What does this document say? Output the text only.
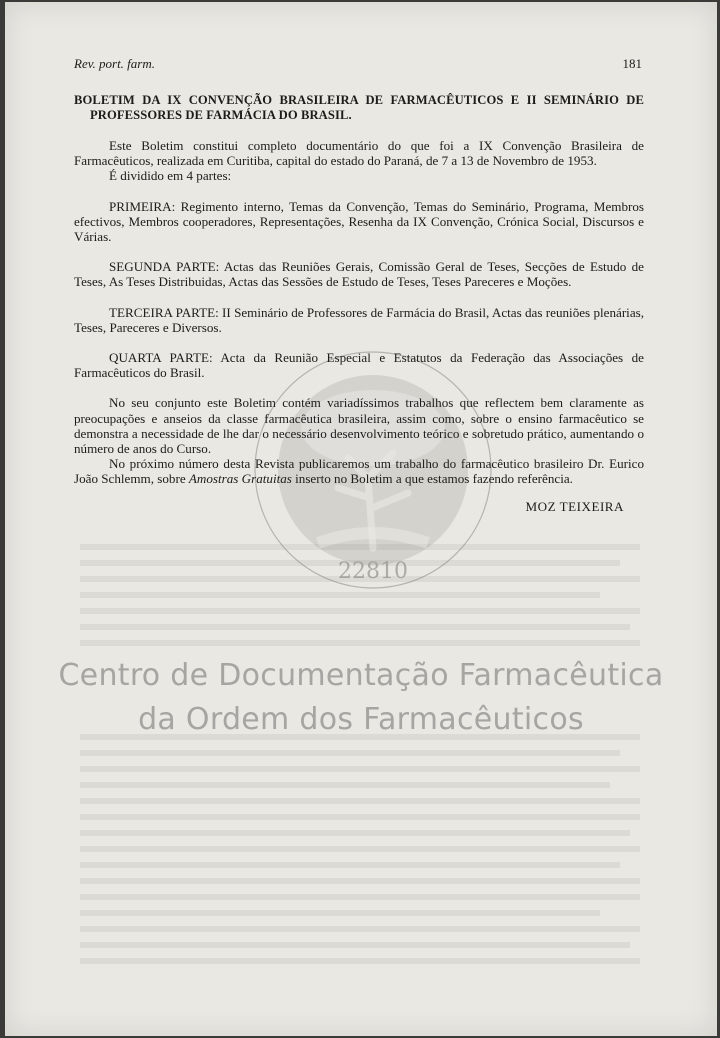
Rev. port. farm.	181
22810

BOLETIM DA IX CONVENÇÃO BRASILEIRA DE FARMACÊUTICOS E II SEMINÁRIO DE PROFESSORES DE FARMÁCIA DO BRASIL.

Este Boletim constitui completo documentário do que foi a IX Convenção Brasileira de Farmacêuticos, realizada em Curitiba, capital do estado do Paraná, de 7 a 13 de Novembro de 1953.

É dividido em 4 partes:

PRIMEIRA: Regimento interno, Temas da Convenção, Temas do Seminário, Programa, Membros efectivos, Membros cooperadores, Representações, Resenha da IX Convenção, Crónica Social, Discursos e Várias.

SEGUNDA PARTE: Actas das Reuniões Gerais, Comissão Geral de Teses, Secções de Estudo de Teses, As Teses Distribuidas, Actas das Sessões de Estudo de Teses, Teses Pareceres e Moções.

TERCEIRA PARTE: II Seminário de Professores de Farmácia do Brasil, Actas das reuniões plenárias, Teses, Pareceres e Diversos.

QUARTA PARTE: Acta da Reunião Especial e Estatutos da Federação das Associações de Farmacêuticos do Brasil.

No seu conjunto este Boletim contém variadíssimos trabalhos que reflectem bem claramente as preocupações e anseios da classe farmacêutica brasileira, assim como, sobre o ensino farmacêutico se demonstra a necessidade de lhe dar o necessário desenvolvimento teórico e sobretudo prático, aumentando o número de anos do Curso.

No próximo número desta Revista publicaremos um trabalho do farmacêutico brasileiro Dr. Eurico João Schlemm, sobre Amostras Gratuitas inserto no Boletim a que estamos fazendo referência.

MOZ TEIXEIRA

Centro de Documentação Farmacêutica
da Ordem dos Farmacêuticos
